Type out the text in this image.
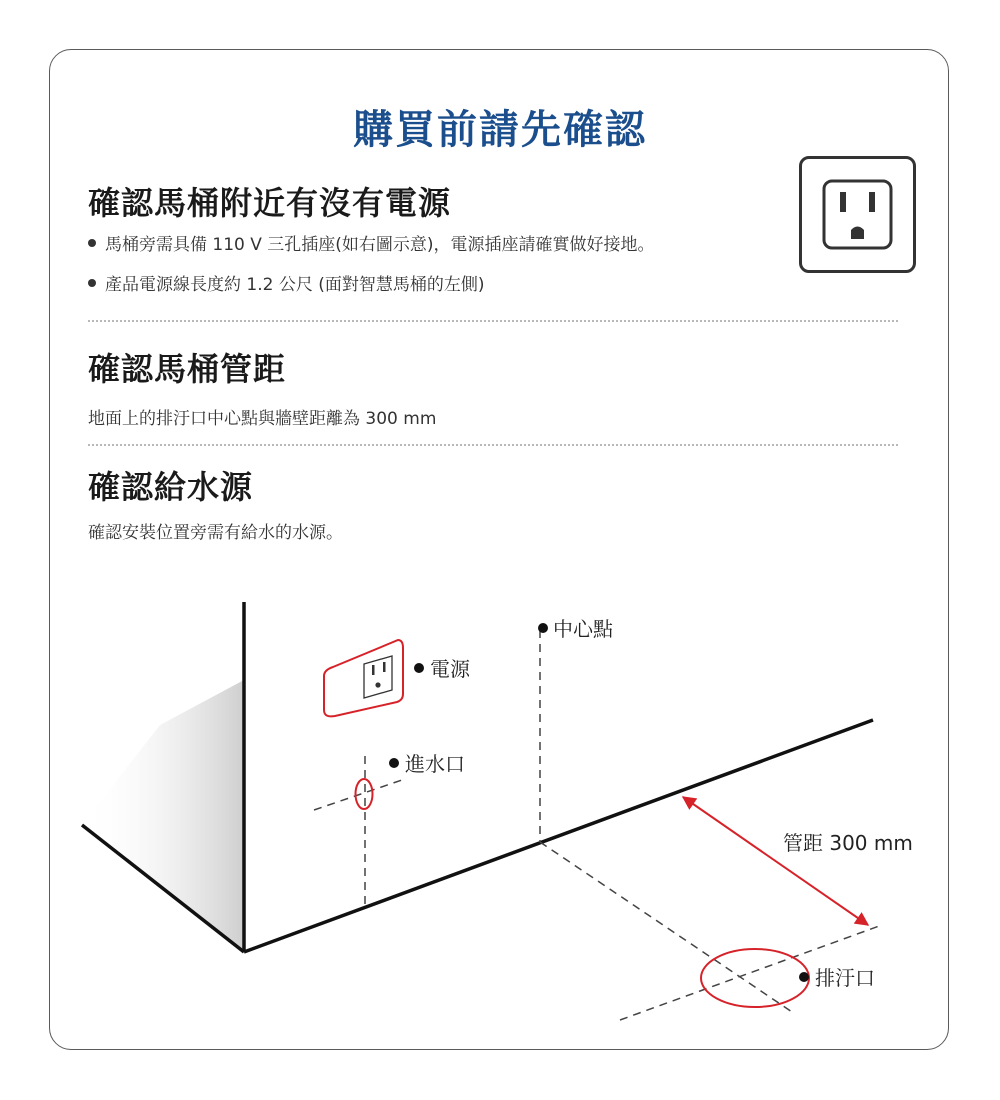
購買前請先確認
確認馬桶附近有沒有電源
馬桶旁需具備 110 V 三孔插座(如右圖示意)，電源插座請確實做好接地。
產品電源線長度約 1.2 公尺 (面對智慧馬桶的左側)
確認馬桶管距

地面上的排汙口中心點與牆壁距離為 300 mm

確認給水源

確認安裝位置旁需有給水的水源。

中心點
排汙口
管距 300 mm
電源
進水口
